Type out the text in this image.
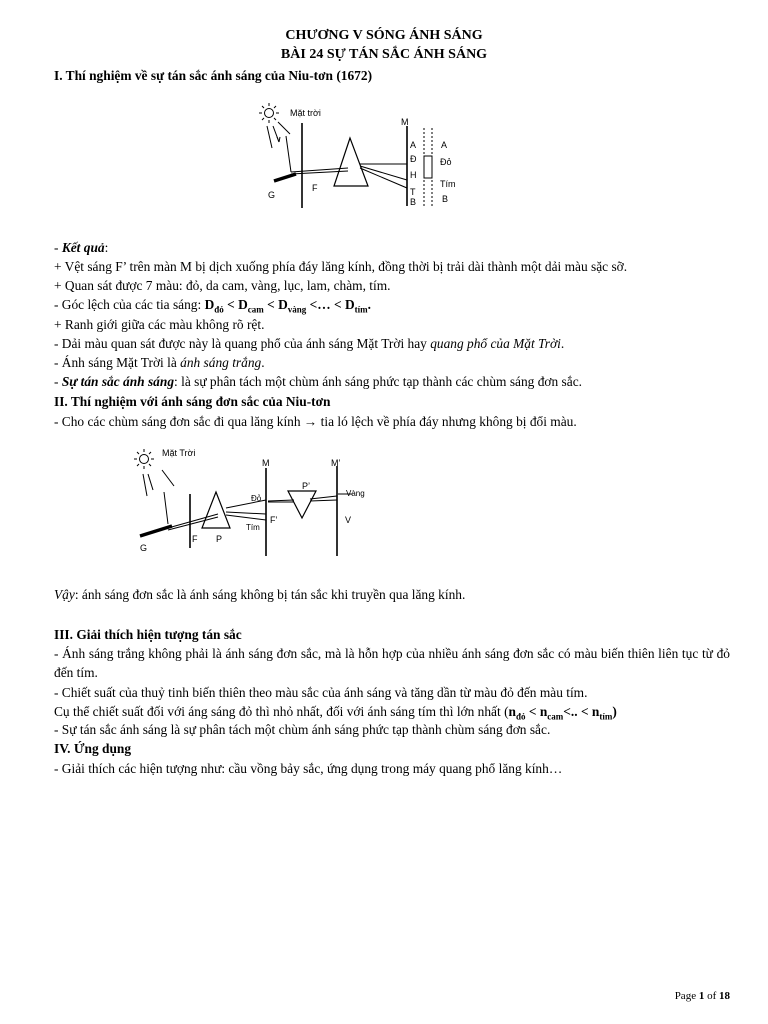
CHƯƠNG V SÓNG ÁNH SÁNG
BÀI 24 SỰ TÁN SẮC ÁNH SÁNG
I. Thí nghiệm về sự tán sắc ánh sáng của Niu-tơn (1672)
Mặt trời
M
A
Đ
H
T
B
A
Đỏ
Tím
B
G
F
- Kết quả:
+ Vệt sáng F’ trên màn M bị dịch xuống phía đáy lăng kính, đồng thời bị trải dài thành một dải màu sặc sỡ.
+ Quan sát được 7 màu: đỏ, da cam, vàng, lục, lam, chàm, tím.
- Góc lệch của các tia sáng: $D_{đỏ} < D_{cam} < D_{vàng}$ <… < $D_{tím}$.
+ Ranh giới giữa các màu không rõ rệt.
- Dải màu quan sát được này là quang phổ của ánh sáng Mặt Trời hay quang phổ của Mặt Trời.
- Ánh sáng Mặt Trời là ánh sáng trắng.
- Sự tán sắc ánh sáng: là sự phân tách một chùm ánh sáng phức tạp thành các chùm sáng đơn sắc.
II. Thí nghiệm với ánh sáng đơn sắc của Niu-tơn
- Cho các chùm sáng đơn sắc đi qua lăng kính → tia ló lệch về phía đáy nhưng không bị đổi màu.
Mặt Trời
M	M’
P’
Đỏ
Vàng
F’	V
Tím
G
F P
Vậy: ánh sáng đơn sắc là ánh sáng không bị tán sắc khi truyền qua lăng kính.
III. Giải thích hiện tượng tán sắc
- Ánh sáng trắng không phải là ánh sáng đơn sắc, mà là hỗn hợp của nhiều ánh sáng đơn sắc có màu biến thiên liên tục từ đỏ đến tím.
- Chiết suất của thuỷ tinh biến thiên theo màu sắc của ánh sáng và tăng dần từ màu đỏ đến màu tím.
Cụ thể chiết suất đối với áng sáng đỏ thì nhỏ nhất, đối với ánh sáng tím thì lớn nhất ($n_{đỏ} < n_{cam}<$.. < $n_{tím}$)
- Sự tán sắc ánh sáng là sự phân tách một chùm ánh sáng phức tạp thành chùm sáng đơn sắc.
IV. Ứng dụng
- Giải thích các hiện tượng như: cầu vồng bảy sắc, ứng dụng trong máy quang phổ lăng kính…
Page 1 of 18
